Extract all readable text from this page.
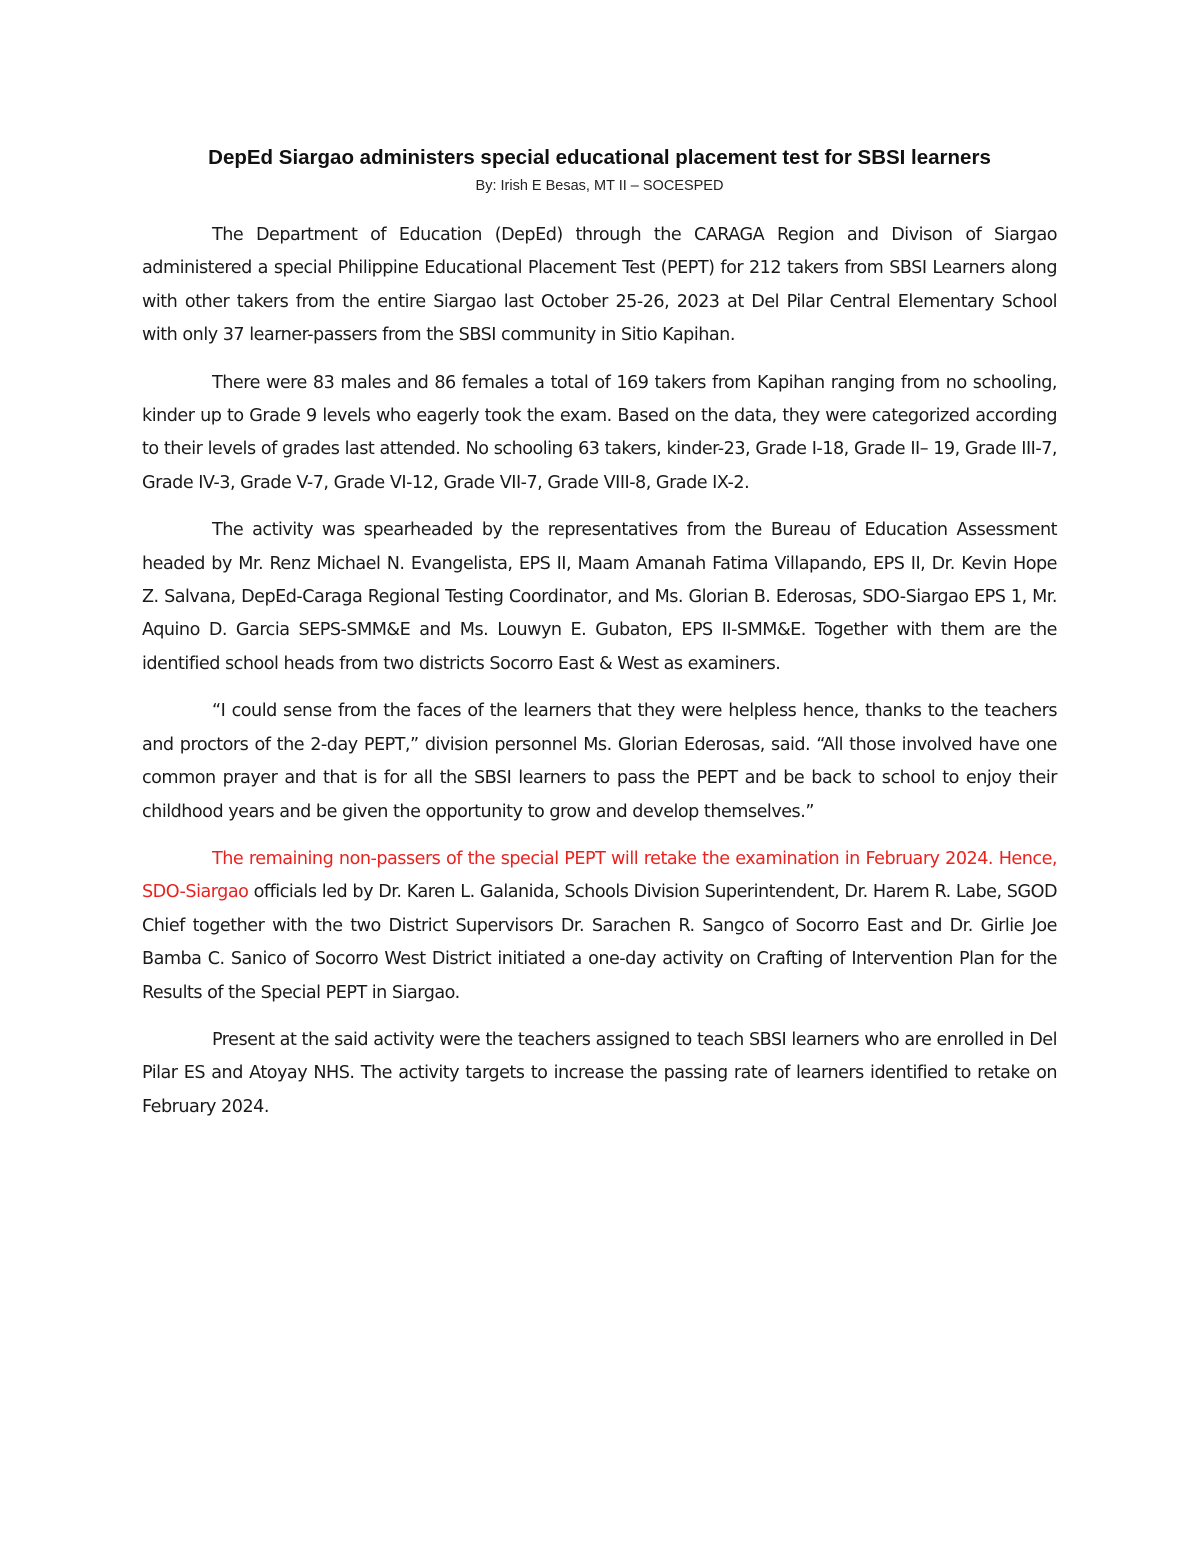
DepEd Siargao administers special educational placement test for SBSI learners

By: Irish E Besas, MT II – SOCESPED

The Department of Education (DepEd) through the CARAGA Region and Divison of Siargao administered a special Philippine Educational Placement Test (PEPT) for 212 takers from SBSI Learners along with other takers from the entire Siargao last October 25-26, 2023 at Del Pilar Central Elementary School with only 37 learner-passers from the SBSI community in Sitio Kapihan.

There were 83 males and 86 females a total of 169 takers from Kapihan ranging from no schooling, kinder up to Grade 9 levels who eagerly took the exam. Based on the data, they were categorized according to their levels of grades last attended. No schooling 63 takers, kinder-23, Grade I-18, Grade II– 19, Grade III-7, Grade IV-3, Grade V-7, Grade VI-12, Grade VII-7, Grade VIII-8, Grade IX-2.

The activity was spearheaded by the representatives from the Bureau of Education Assessment headed by Mr. Renz Michael N. Evangelista, EPS II, Maam Amanah Fatima Villapando, EPS II, Dr. Kevin Hope Z. Salvana, DepEd-Caraga Regional Testing Coordinator, and Ms. Glorian B. Ederosas, SDO-Siargao EPS 1, Mr. Aquino D. Garcia SEPS-SMM&E and Ms. Louwyn E. Gubaton, EPS II-SMM&E. Together with them are the identified school heads from two districts Socorro East & West as examiners.

“I could sense from the faces of the learners that they were helpless hence, thanks to the teachers and proctors of the 2-day PEPT,” division personnel Ms. Glorian Ederosas, said. “All those involved have one common prayer and that is for all the SBSI learners to pass the PEPT and be back to school to enjoy their childhood years and be given the opportunity to grow and develop themselves.”

The remaining non-passers of the special PEPT will retake the examination in February 2024. Hence, SDO-Siargao officials led by Dr. Karen L. Galanida, Schools Division Superintendent, Dr. Harem R. Labe, SGOD Chief together with the two District Supervisors Dr. Sarachen R. Sangco of Socorro East and Dr. Girlie Joe Bamba C. Sanico of Socorro West District initiated a one-day activity on Crafting of Intervention Plan for the Results of the Special PEPT in Siargao.

Present at the said activity were the teachers assigned to teach SBSI learners who are enrolled in Del Pilar ES and Atoyay NHS. The activity targets to increase the passing rate of learners identified to retake on February 2024.
